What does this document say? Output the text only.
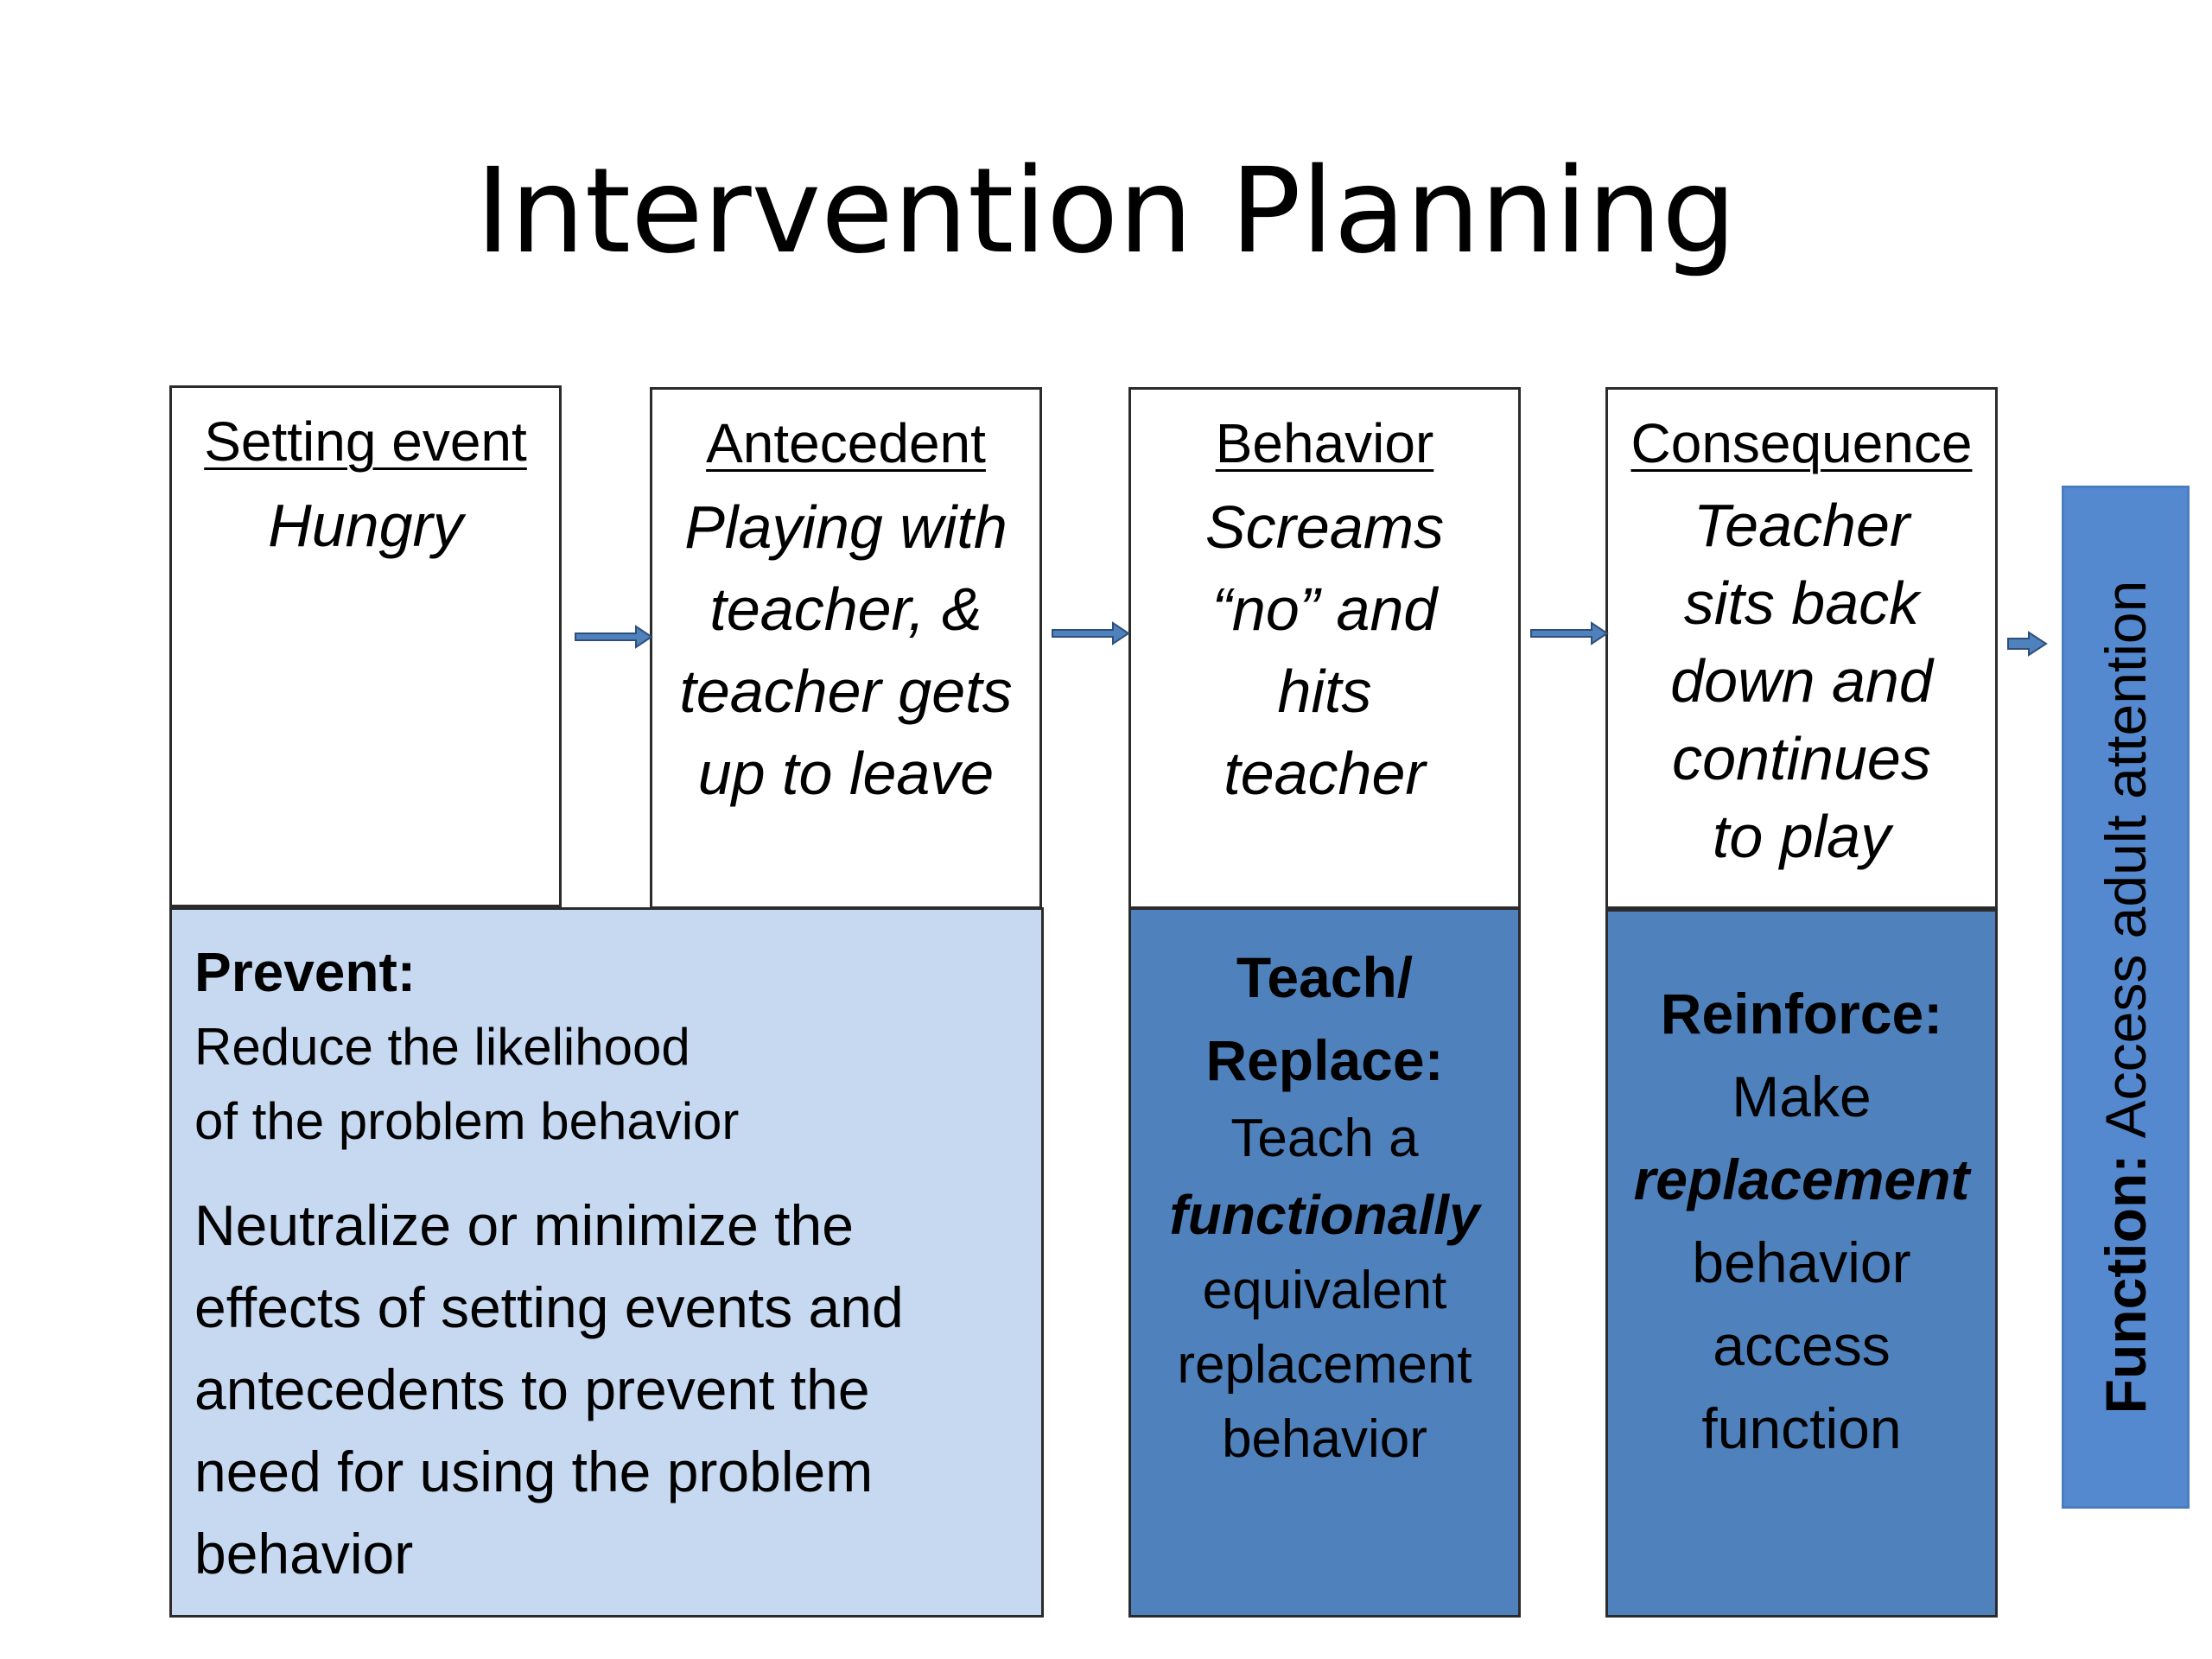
Intervention Planning
Setting event
Hungry
Antecedent
Playing with
teacher, &
teacher gets
up to leave
Behavior
Screams
“no” and
hits
teacher
Consequence
Teacher
sits back
down and
continues
to play
Prevent:
Reduce the likelihood
of the problem behavior
Neutralize or minimize the
effects of setting events and
antecedents to prevent the
need for using the problem
behavior
Teach/
Replace:
Teach a
functionally
equivalent
replacement
behavior
Reinforce:
Make
replacement
behavior
access
function
Function: Access adult attention
